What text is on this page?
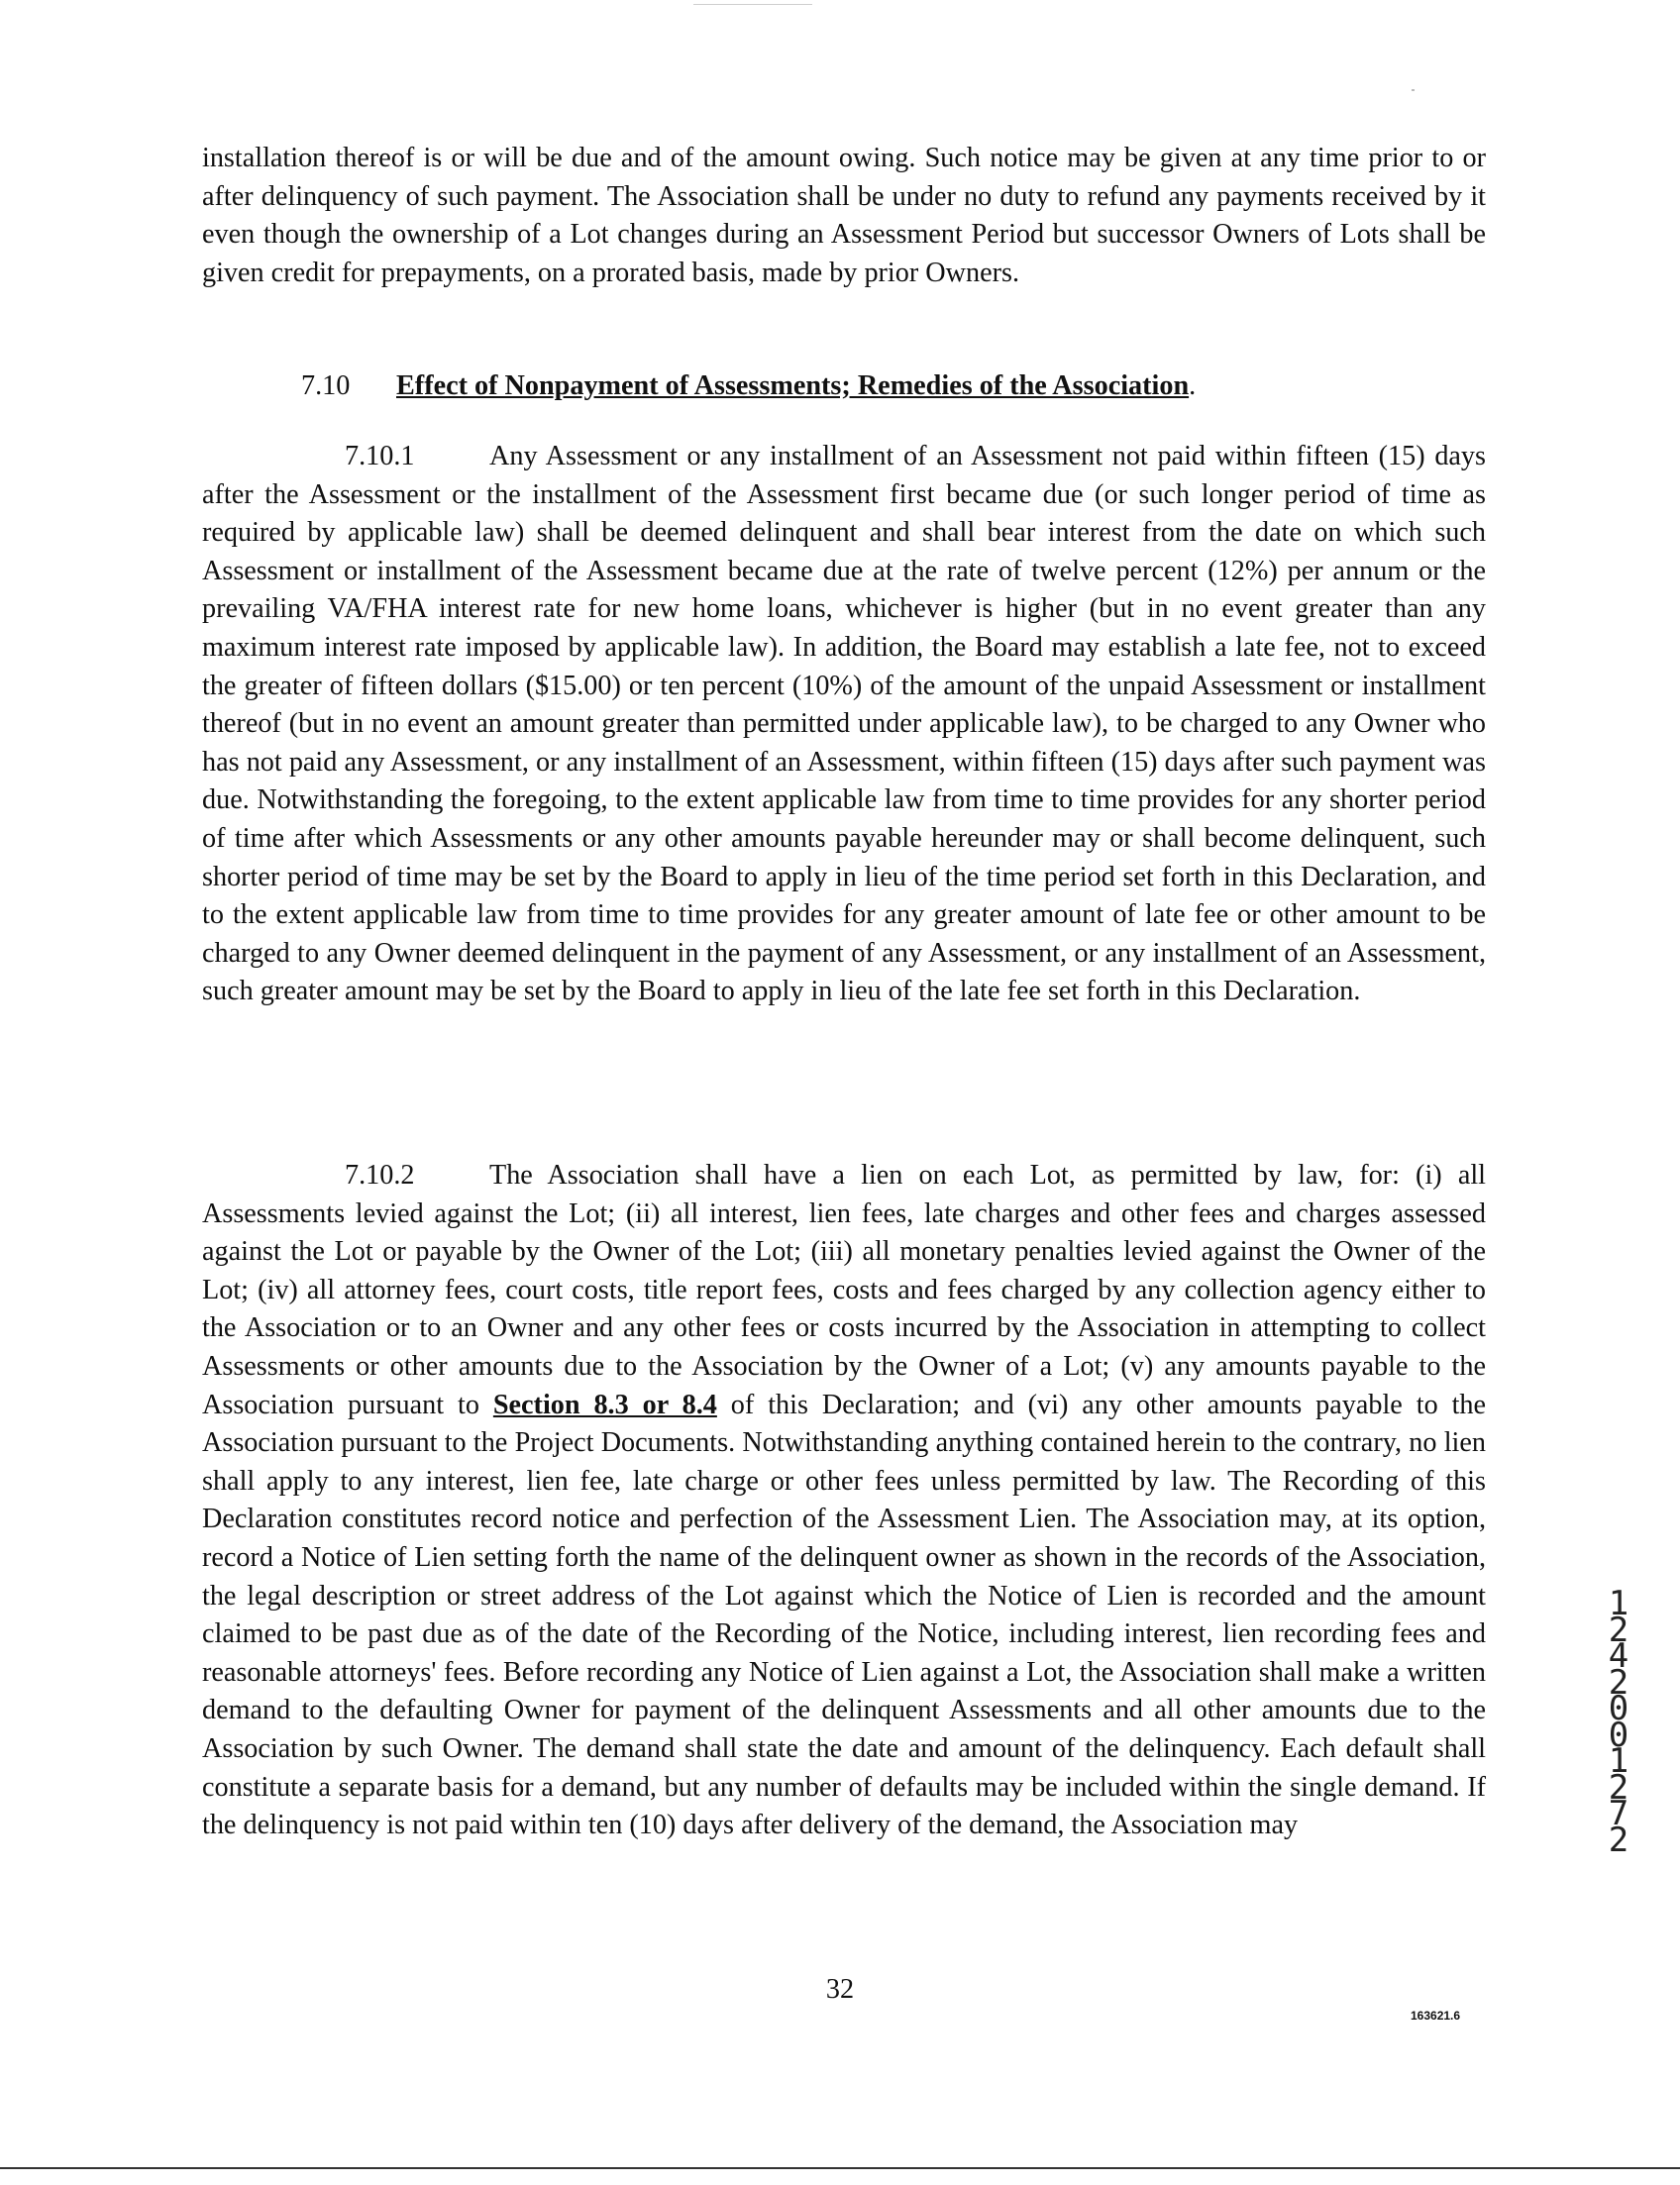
installation thereof is or will be due and of the amount owing. Such notice may be given at any time prior to or after delinquency of such payment. The Association shall be under no duty to refund any payments received by it even though the ownership of a Lot changes during an Assessment Period but successor Owners of Lots shall be given credit for prepayments, on a prorated basis, made by prior Owners.

7.10 Effect of Nonpayment of Assessments; Remedies of the Association.

7.10.1	Any Assessment or any installment of an Assessment not paid within fifteen (15) days after the Assessment or the installment of the Assessment first became due (or such longer period of time as required by applicable law) shall be deemed delinquent and shall bear interest from the date on which such Assessment or installment of the Assessment became due at the rate of twelve percent (12%) per annum or the prevailing VA/FHA interest rate for new home loans, whichever is higher (but in no event greater than any maximum interest rate imposed by applicable law). In addition, the Board may establish a late fee, not to exceed the greater of fifteen dollars ($15.00) or ten percent (10%) of the amount of the unpaid Assessment or installment thereof (but in no event an amount greater than permitted under applicable law), to be charged to any Owner who has not paid any Assessment, or any installment of an Assessment, within fifteen (15) days after such payment was due. Notwithstanding the foregoing, to the extent applicable law from time to time provides for any shorter period of time after which Assessments or any other amounts payable hereunder may or shall become delinquent, such shorter period of time may be set by the Board to apply in lieu of the time period set forth in this Declaration, and to the extent applicable law from time to time provides for any greater amount of late fee or other amount to be charged to any Owner deemed delinquent in the payment of any Assessment, or any installment of an Assessment, such greater amount may be set by the Board to apply in lieu of the late fee set forth in this Declaration.

7.10.2	The Association shall have a lien on each Lot, as permitted by law, for: (i) all Assessments levied against the Lot; (ii) all interest, lien fees, late charges and other fees and charges assessed against the Lot or payable by the Owner of the Lot; (iii) all monetary penalties levied against the Owner of the Lot; (iv) all attorney fees, court costs, title report fees, costs and fees charged by any collection agency either to the Association or to an Owner and any other fees or costs incurred by the Association in attempting to collect Assessments or other amounts due to the Association by the Owner of a Lot; (v) any amounts payable to the Association pursuant to Section 8.3 or 8.4 of this Declaration; and (vi) any other amounts payable to the Association pursuant to the Project Documents. Notwithstanding anything contained herein to the contrary, no lien shall apply to any interest, lien fee, late charge or other fees unless permitted by law. The Recording of this Declaration constitutes record notice and perfection of the Assessment Lien. The Association may, at its option, record a Notice of Lien setting forth the name of the delinquent owner as shown in the records of the Association, the legal description or street address of the Lot against which the Notice of Lien is recorded and the amount claimed to be past due as of the date of the Recording of the Notice, including interest, lien recording fees and reasonable attorneys' fees. Before recording any Notice of Lien against a Lot, the Association shall make a written demand to the defaulting Owner for payment of the delinquent Assessments and all other amounts due to the Association by such Owner. The demand shall state the date and amount of the delinquency. Each default shall constitute a separate basis for a demand, but any number of defaults may be included within the single demand. If the delinquency is not paid within ten (10) days after delivery of the demand, the Association may

32
163621.6
1242001272
